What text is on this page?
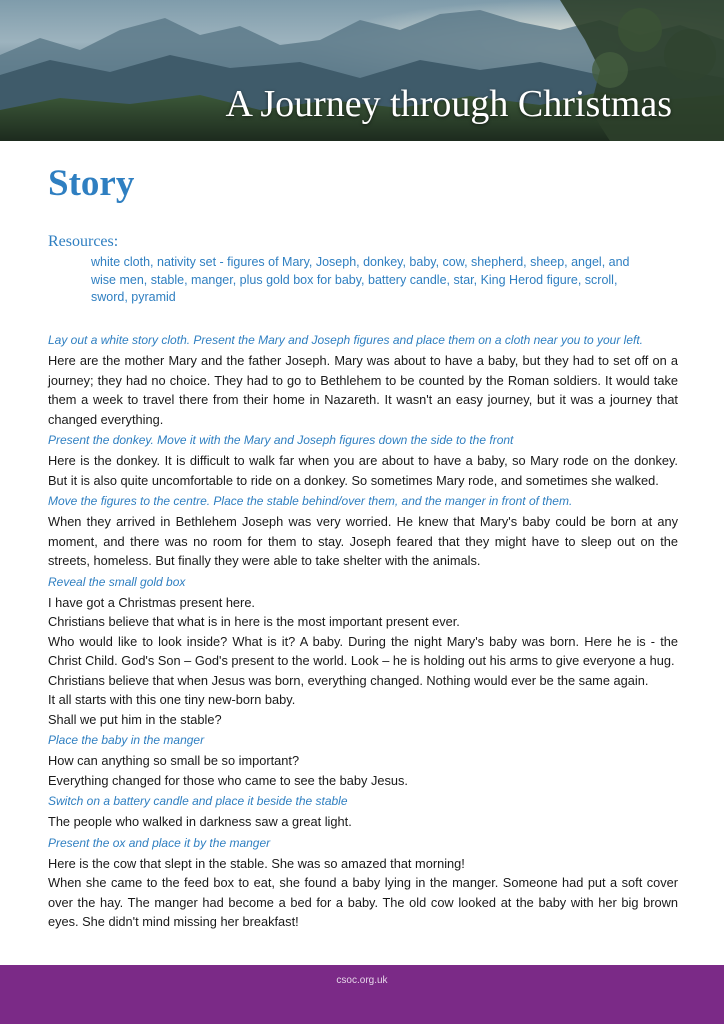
A Journey through Christmas
Story
Resources:
white cloth, nativity set - figures of Mary, Joseph, donkey, baby, cow, shepherd, sheep, angel, and wise men, stable, manger, plus gold box for baby, battery candle, star, King Herod figure, scroll, sword, pyramid
Lay out a white story cloth. Present the Mary and Joseph figures and place them on a cloth near you to your left.
Here are the mother Mary and the father Joseph. Mary was about to have a baby, but they had to set off on a journey; they had no choice. They had to go to Bethlehem to be counted by the Roman soldiers. It would take them a week to travel there from their home in Nazareth. It wasn't an easy journey, but it was a journey that changed everything.
Present the donkey. Move it with the Mary and Joseph figures down the side to the front
Here is the donkey. It is difficult to walk far when you are about to have a baby, so Mary rode on the donkey. But it is also quite uncomfortable to ride on a donkey. So sometimes Mary rode, and sometimes she walked.
Move the figures to the centre. Place the stable behind/over them, and the manger in front of them.
When they arrived in Bethlehem Joseph was very worried. He knew that Mary's baby could be born at any moment, and there was no room for them to stay. Joseph feared that they might have to sleep out on the streets, homeless. But finally they were able to take shelter with the animals.
Reveal the small gold box
I have got a Christmas present here.
Christians believe that what is in here is the most important present ever.
Who would like to look inside? What is it? A baby. During the night Mary's baby was born. Here he is - the Christ Child. God's Son – God's present to the world. Look – he is holding out his arms to give everyone a hug.
Christians believe that when Jesus was born, everything changed. Nothing would ever be the same again.
It all starts with this one tiny new-born baby.
Shall we put him in the stable?
Place the baby in the manger
How can anything so small be so important?
Everything changed for those who came to see the baby Jesus.
Switch on a battery candle and place it beside the stable
The people who walked in darkness saw a great light.
Present the ox and place it by the manger
Here is the cow that slept in the stable. She was so amazed that morning!
When she came to the feed box to eat, she found a baby lying in the manger. Someone had put a soft cover over the hay. The manger had become a bed for a baby. The old cow looked at the baby with her big brown eyes. She didn't mind missing her breakfast!
csoc.org.uk
